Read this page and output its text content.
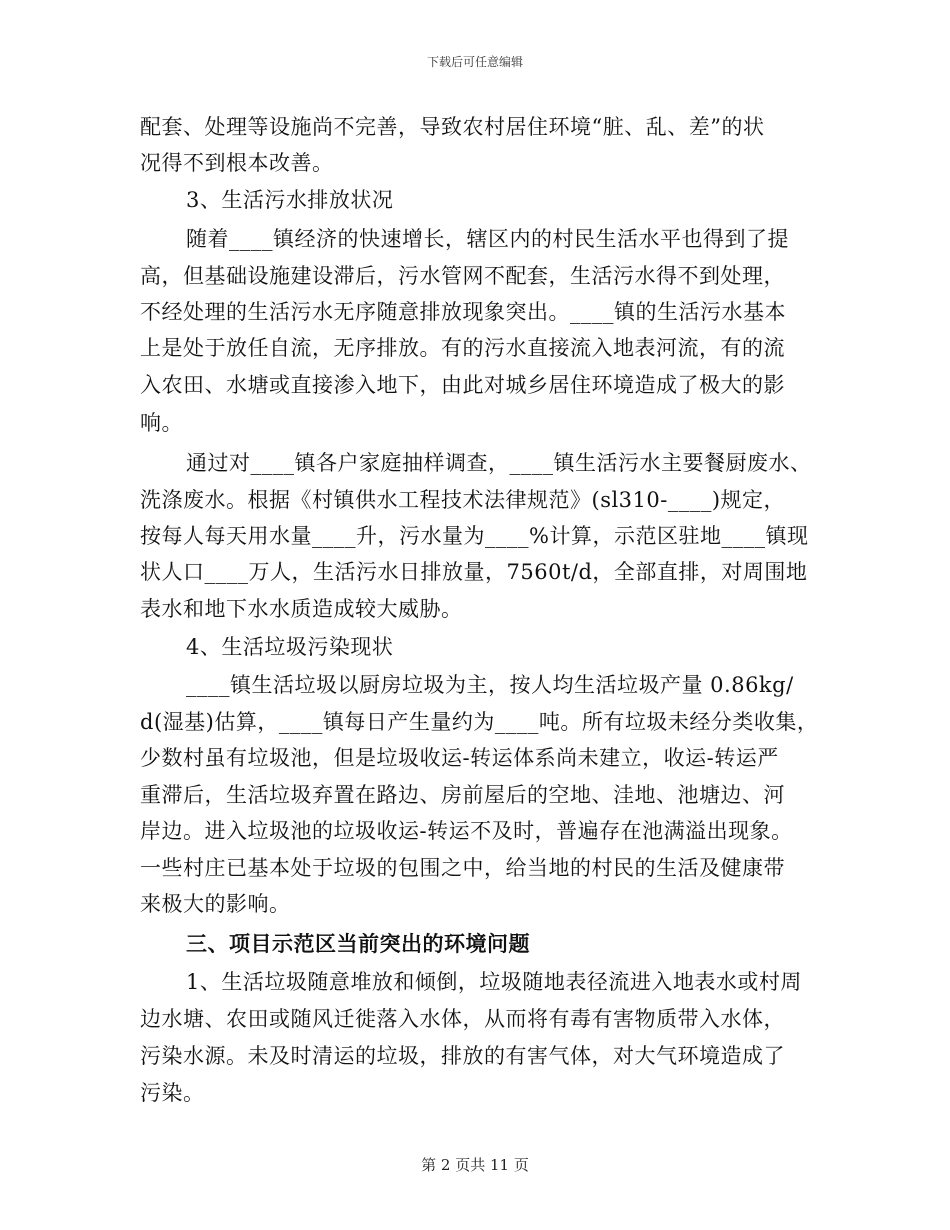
下载后可任意编辑
配套、处理等设施尚不完善，导致农村居住环境“脏、乱、差”的状
况得不到根本改善。
3、生活污水排放状况
随着____镇经济的快速增长，辖区内的村民生活水平也得到了提
高，但基础设施建设滞后，污水管网不配套，生活污水得不到处理，
不经处理的生活污水无序随意排放现象突出。____镇的生活污水基本
上是处于放任自流，无序排放。有的污水直接流入地表河流，有的流
入农田、水塘或直接渗入地下，由此对城乡居住环境造成了极大的影
响。
通过对____镇各户家庭抽样调查，____镇生活污水主要餐厨废水、
洗涤废水。根据《村镇供水工程技术法律规范》(sl310-____)规定，
按每人每天用水量____升，污水量为____%计算，示范区驻地____镇现
状人口____万人，生活污水日排放量，7560t/d，全部直排，对周围地
表水和地下水水质造成较大威胁。
4、生活垃圾污染现状
____镇生活垃圾以厨房垃圾为主，按人均生活垃圾产量 0.86kg/
d(湿基)估算，____镇每日产生量约为____吨。所有垃圾未经分类收集，
少数村虽有垃圾池，但是垃圾收运-转运体系尚未建立，收运-转运严
重滞后，生活垃圾弃置在路边、房前屋后的空地、洼地、池塘边、河
岸边。进入垃圾池的垃圾收运-转运不及时，普遍存在池满溢出现象。
一些村庄已基本处于垃圾的包围之中，给当地的村民的生活及健康带
来极大的影响。
三、项目示范区当前突出的环境问题
1、生活垃圾随意堆放和倾倒，垃圾随地表径流进入地表水或村周
边水塘、农田或随风迁徙落入水体，从而将有毒有害物质带入水体，
污染水源。未及时清运的垃圾，排放的有害气体，对大气环境造成了
污染。
第 2 页共 11 页
